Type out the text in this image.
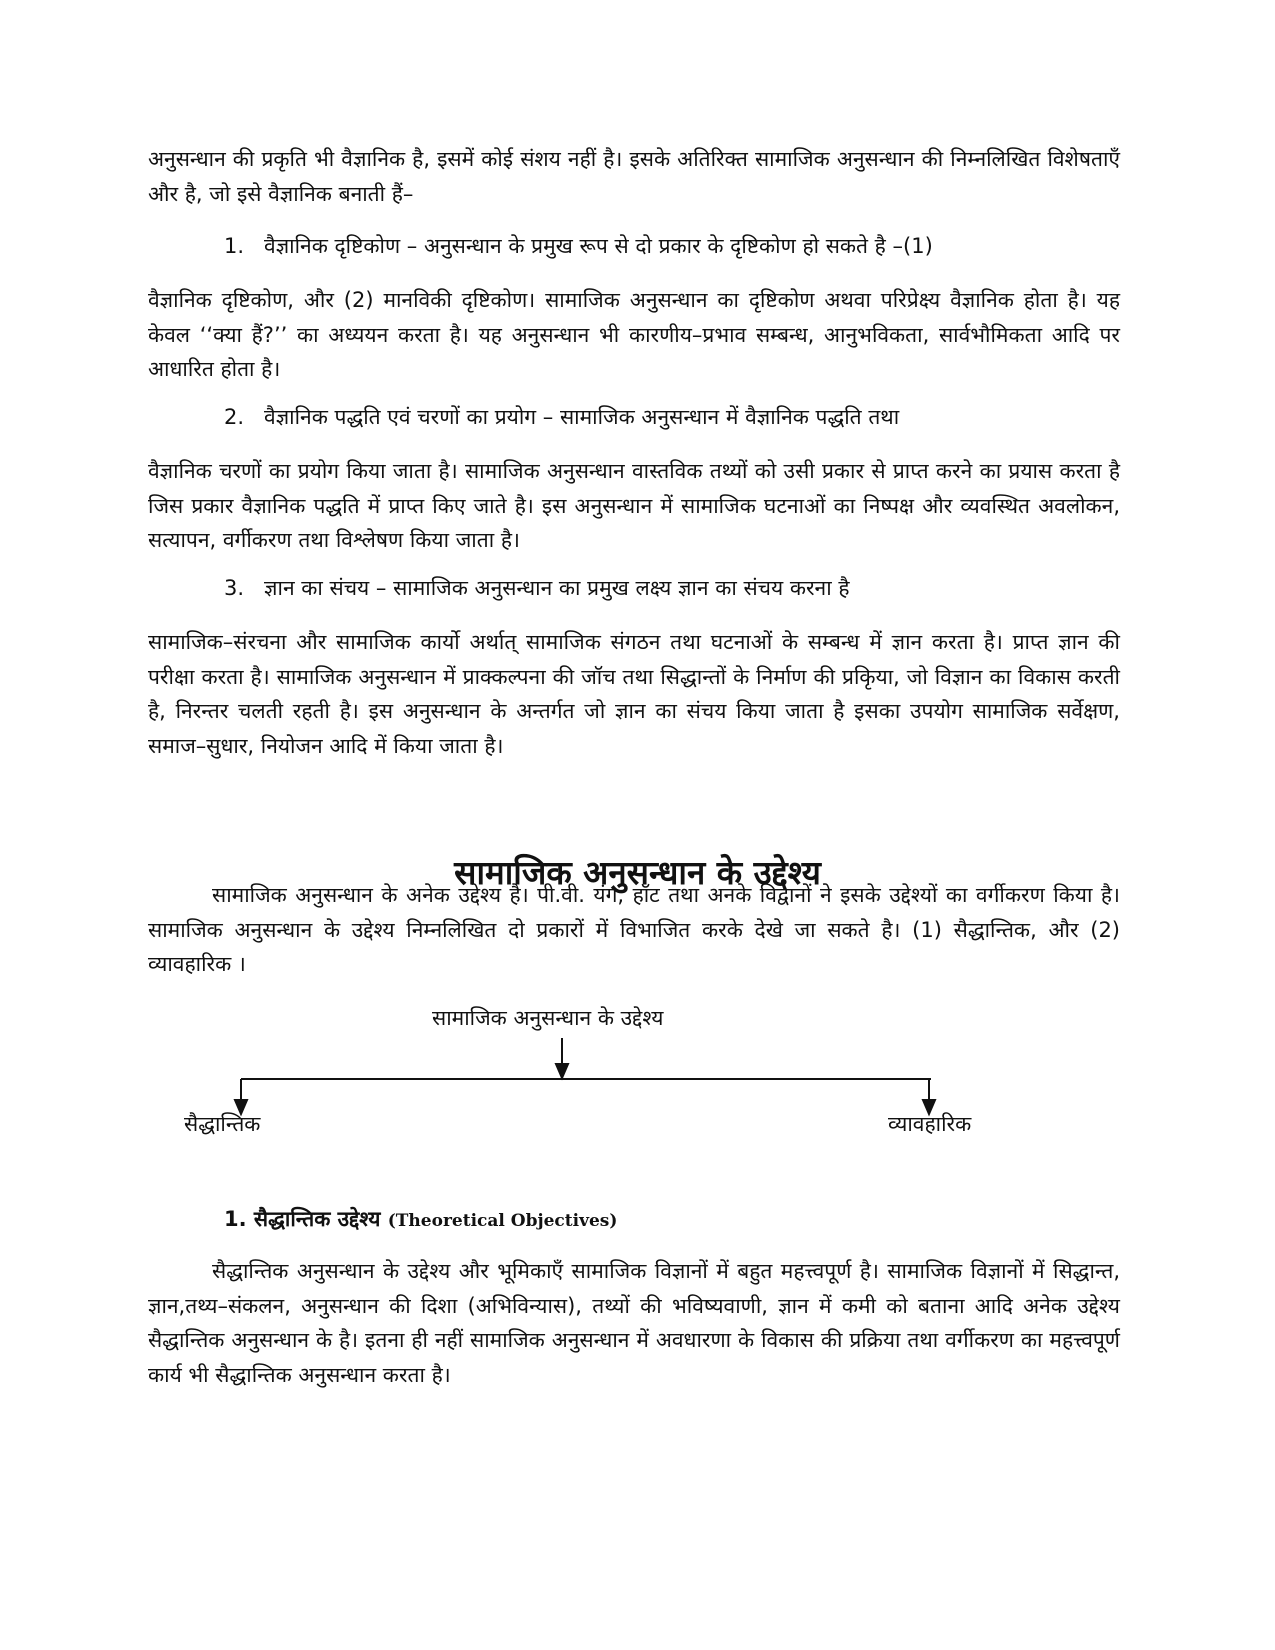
अनुसन्धान की प्रकृति भी वैज्ञानिक है, इसमें कोई संशय नहीं है। इसके अतिरिक्त सामाजिक अनुसन्धान की निम्नलिखित विशेषताएँ और है, जो इसे वैज्ञानिक बनाती हैं–

1. वैज्ञानिक दृष्टिकोण – अनुसन्धान के प्रमुख रूप से दो प्रकार के दृष्टिकोण हो सकते है –(1)

वैज्ञानिक दृष्टिकोण, और (2) मानविकी दृष्टिकोण। सामाजिक अनुसन्धान का दृष्टिकोण अथवा परिप्रेक्ष्य वैज्ञानिक होता है। यह केवल ‘‘क्या हैं?’’ का अध्ययन करता है। यह अनुसन्धान भी कारणीय–प्रभाव सम्बन्ध, आनुभविकता, सार्वभौमिकता आदि पर आधारित होता है।

2. वैज्ञानिक पद्धति एवं चरणों का प्रयोग – सामाजिक अनुसन्धान में वैज्ञानिक पद्धति तथा

वैज्ञानिक चरणों का प्रयोग किया जाता है। सामाजिक अनुसन्धान वास्तविक तथ्यों को उसी प्रकार से प्राप्त करने का प्रयास करता है जिस प्रकार वैज्ञानिक पद्धति में प्राप्त किए जाते है। इस अनुसन्धान में सामाजिक घटनाओं का निष्पक्ष और व्यवस्थित अवलोकन, सत्यापन, वर्गीकरण तथा विश्लेषण किया जाता है।

3. ज्ञान का संचय – सामाजिक अनुसन्धान का प्रमुख लक्ष्य ज्ञान का संचय करना है

सामाजिक–संरचना और सामाजिक कार्यो अर्थात् सामाजिक संगठन तथा घटनाओं के सम्बन्ध में ज्ञान करता है। प्राप्त ज्ञान की परीक्षा करता है। सामाजिक अनुसन्धान में प्राक्कल्पना की जॉच तथा सिद्धान्तों के निर्माण की प्रकृिया, जो विज्ञान का विकास करती है, निरन्तर चलती रहती है। इस अनुसन्धान के अन्तर्गत जो ज्ञान का संचय किया जाता है इसका उपयोग सामाजिक सर्वेक्षण, समाज–सुधार, नियोजन आदि में किया जाता है।

सामाजिक अनुसन्धान के उद्देश्य

सामाजिक अनुसन्धान के अनेक उद्देश्य है। पी.वी. यंग, हॉट तथा अनके विद्वानों ने इसके उद्देश्यों का वर्गीकरण किया है। सामाजिक अनुसन्धान के उद्देश्य निम्नलिखित दो प्रकारों में विभाजित करके देखे जा सकते है। (1) सैद्धान्तिक, और (2) व्यावहारिक ।

सामाजिक अनुसन्धान के उद्देश्य

सैद्धान्तिक	व्यावहारिक

1. सैद्धान्तिक उद्देश्य (Theoretical Objectives)

सैद्धान्तिक अनुसन्धान के उद्देश्य और भूमिकाएँ सामाजिक विज्ञानों में बहुत महत्त्वपूर्ण है। सामाजिक विज्ञानों में सिद्धान्त, ज्ञान,तथ्य–संकलन, अनुसन्धान की दिशा (अभिविन्यास), तथ्यों की भविष्यवाणी, ज्ञान में कमी को बताना आदि अनेक उद्देश्य सैद्धान्तिक अनुसन्धान के है। इतना ही नहीं सामाजिक अनुसन्धान में अवधारणा के विकास की प्रक्रिया तथा वर्गीकरण का महत्त्वपूर्ण कार्य भी सैद्धान्तिक अनुसन्धान करता है।
